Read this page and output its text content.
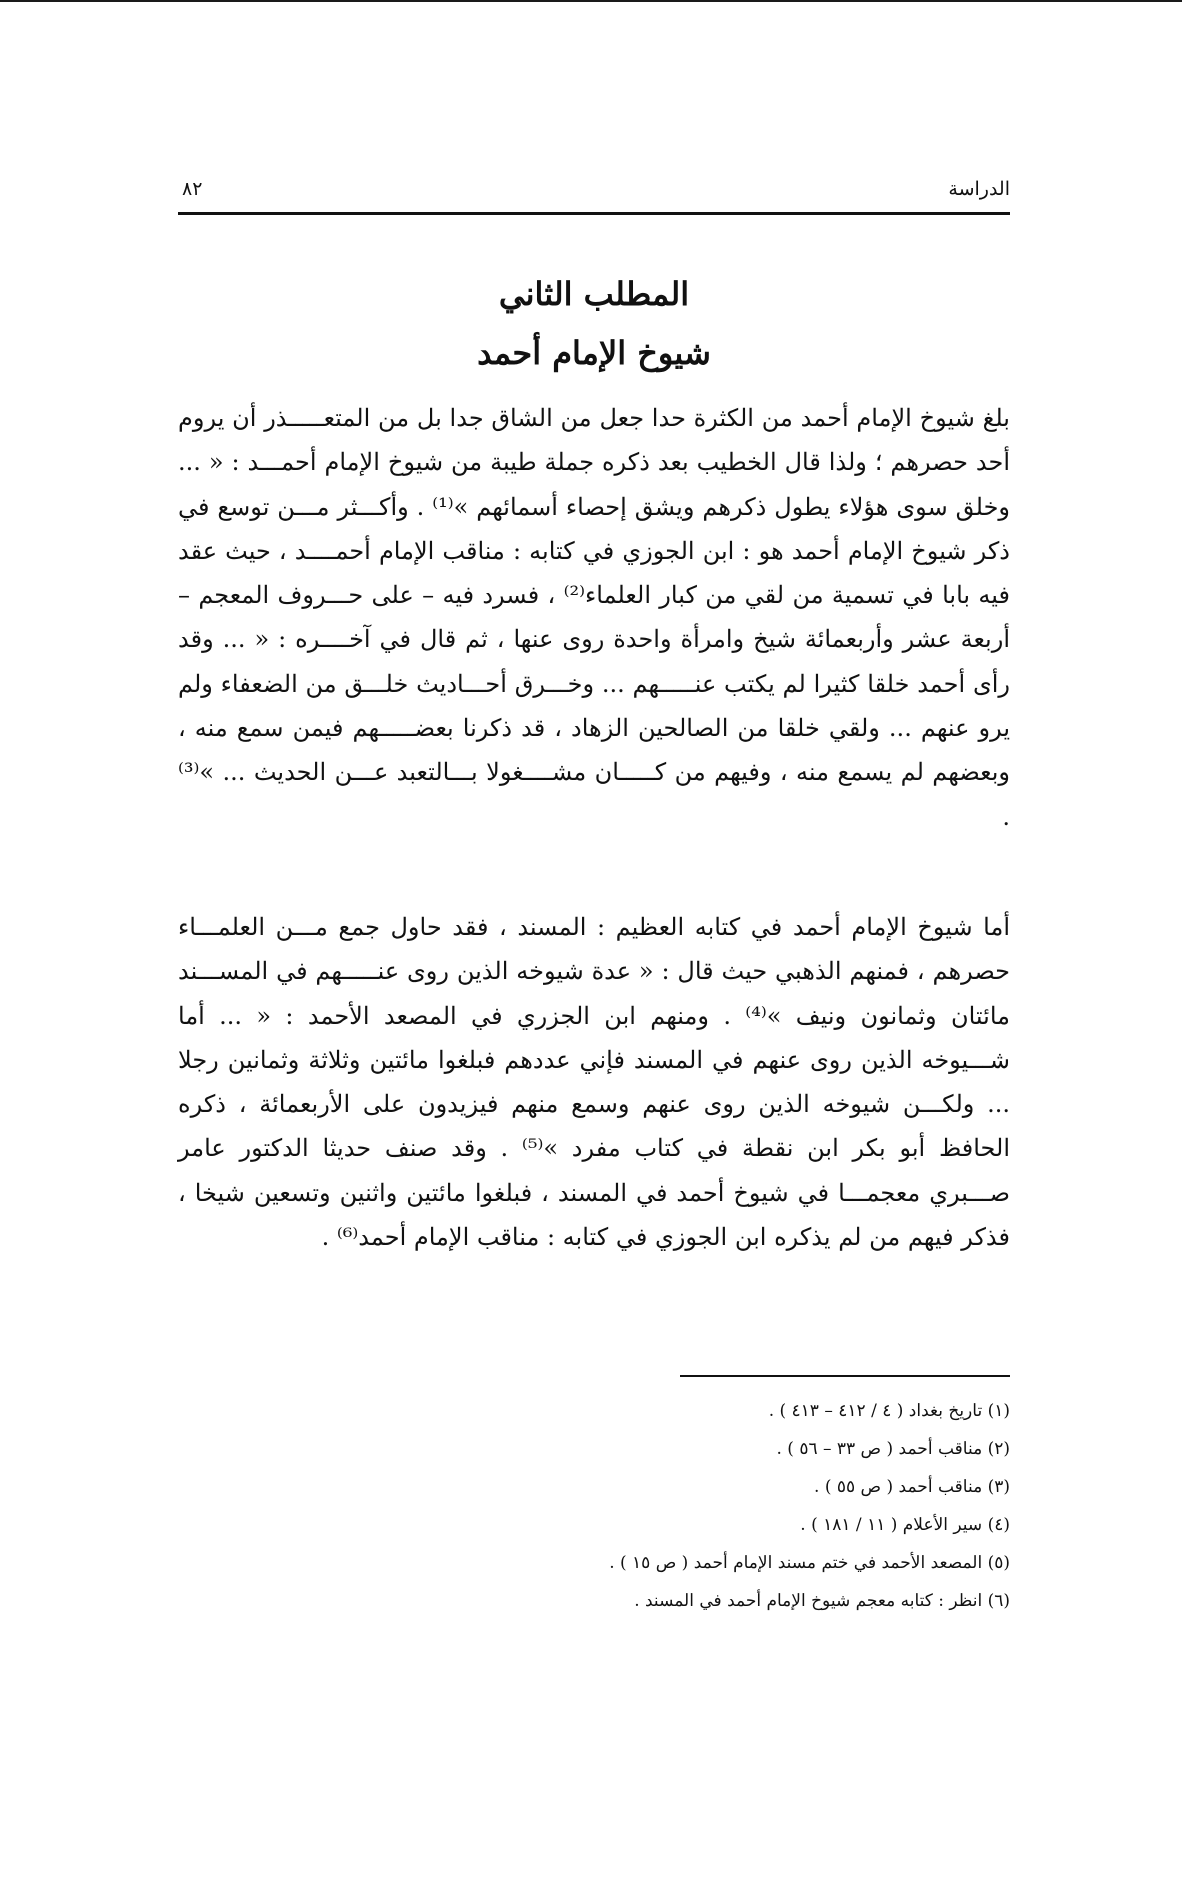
الدراسة
٨٢
المطلب الثاني
شيوخ الإمام أحمد

بلغ شيوخ الإمام أحمد من الكثرة حدا جعل من الشاق جدا بل من المتعـــــذر أن يروم أحد حصرهم ؛ ولذا قال الخطيب بعد ذكره جملة طيبة من شيوخ الإمام أحمـــد : « ... وخلق سوى هؤلاء يطول ذكرهم ويشق إحصاء أسمائهم »⁽¹⁾ . وأكـــثر مـــن توسع في ذكر شيوخ الإمام أحمد هو : ابن الجوزي في كتابه : مناقب الإمام أحمــــد ، حيث عقد فيه بابا في تسمية من لقي من كبار العلماء⁽²⁾ ، فسرد فيه – على حـــروف المعجم – أربعة عشر وأربعمائة شيخ وامرأة واحدة روى عنها ، ثم قال في آخــــره : « ... وقد رأى أحمد خلقا كثيرا لم يكتب عنـــــهم ... وخـــرق أحـــاديث خلـــق من الضعفاء ولم يرو عنهم ... ولقي خلقا من الصالحين الزهاد ، قد ذكرنا بعضـــــهم فيمن سمع منه ، وبعضهم لم يسمع منه ، وفيهم من كـــــان مشــــغولا بـــالتعبد عـــن الحديث ... »⁽³⁾ .

أما شيوخ الإمام أحمد في كتابه العظيم : المسند ، فقد حاول جمع مـــن العلمـــاء حصرهم ، فمنهم الذهبي حيث قال : « عدة شيوخه الذين روى عنـــــهم في المســـند مائتان وثمانون ونيف »⁽⁴⁾ . ومنهم ابن الجزري في المصعد الأحمد : « ... أما شـــيوخه الذين روى عنهم في المسند فإني عددهم فبلغوا مائتين وثلاثة وثمانين رجلا ... ولكـــن شيوخه الذين روى عنهم وسمع منهم فيزيدون على الأربعمائة ، ذكره الحافظ أبو بكر ابن نقطة في كتاب مفرد »⁽⁵⁾ . وقد صنف حديثا الدكتور عامر صـــبري معجمـــا في شيوخ أحمد في المسند ، فبلغوا مائتين واثنين وتسعين شيخا ، فذكر فيهم من لم يذكره ابن الجوزي في كتابه : مناقب الإمام أحمد⁽⁶⁾ .

(١) تاريخ بغداد ( ٤ / ٤١٢ – ٤١٣ ) .
(٢) مناقب أحمد ( ص ٣٣ – ٥٦ ) .
(٣) مناقب أحمد ( ص ٥٥ ) .
(٤) سير الأعلام ( ١١ / ١٨١ ) .
(٥) المصعد الأحمد في ختم مسند الإمام أحمد ( ص ١٥ ) .
(٦) انظر : كتابه معجم شيوخ الإمام أحمد في المسند .
